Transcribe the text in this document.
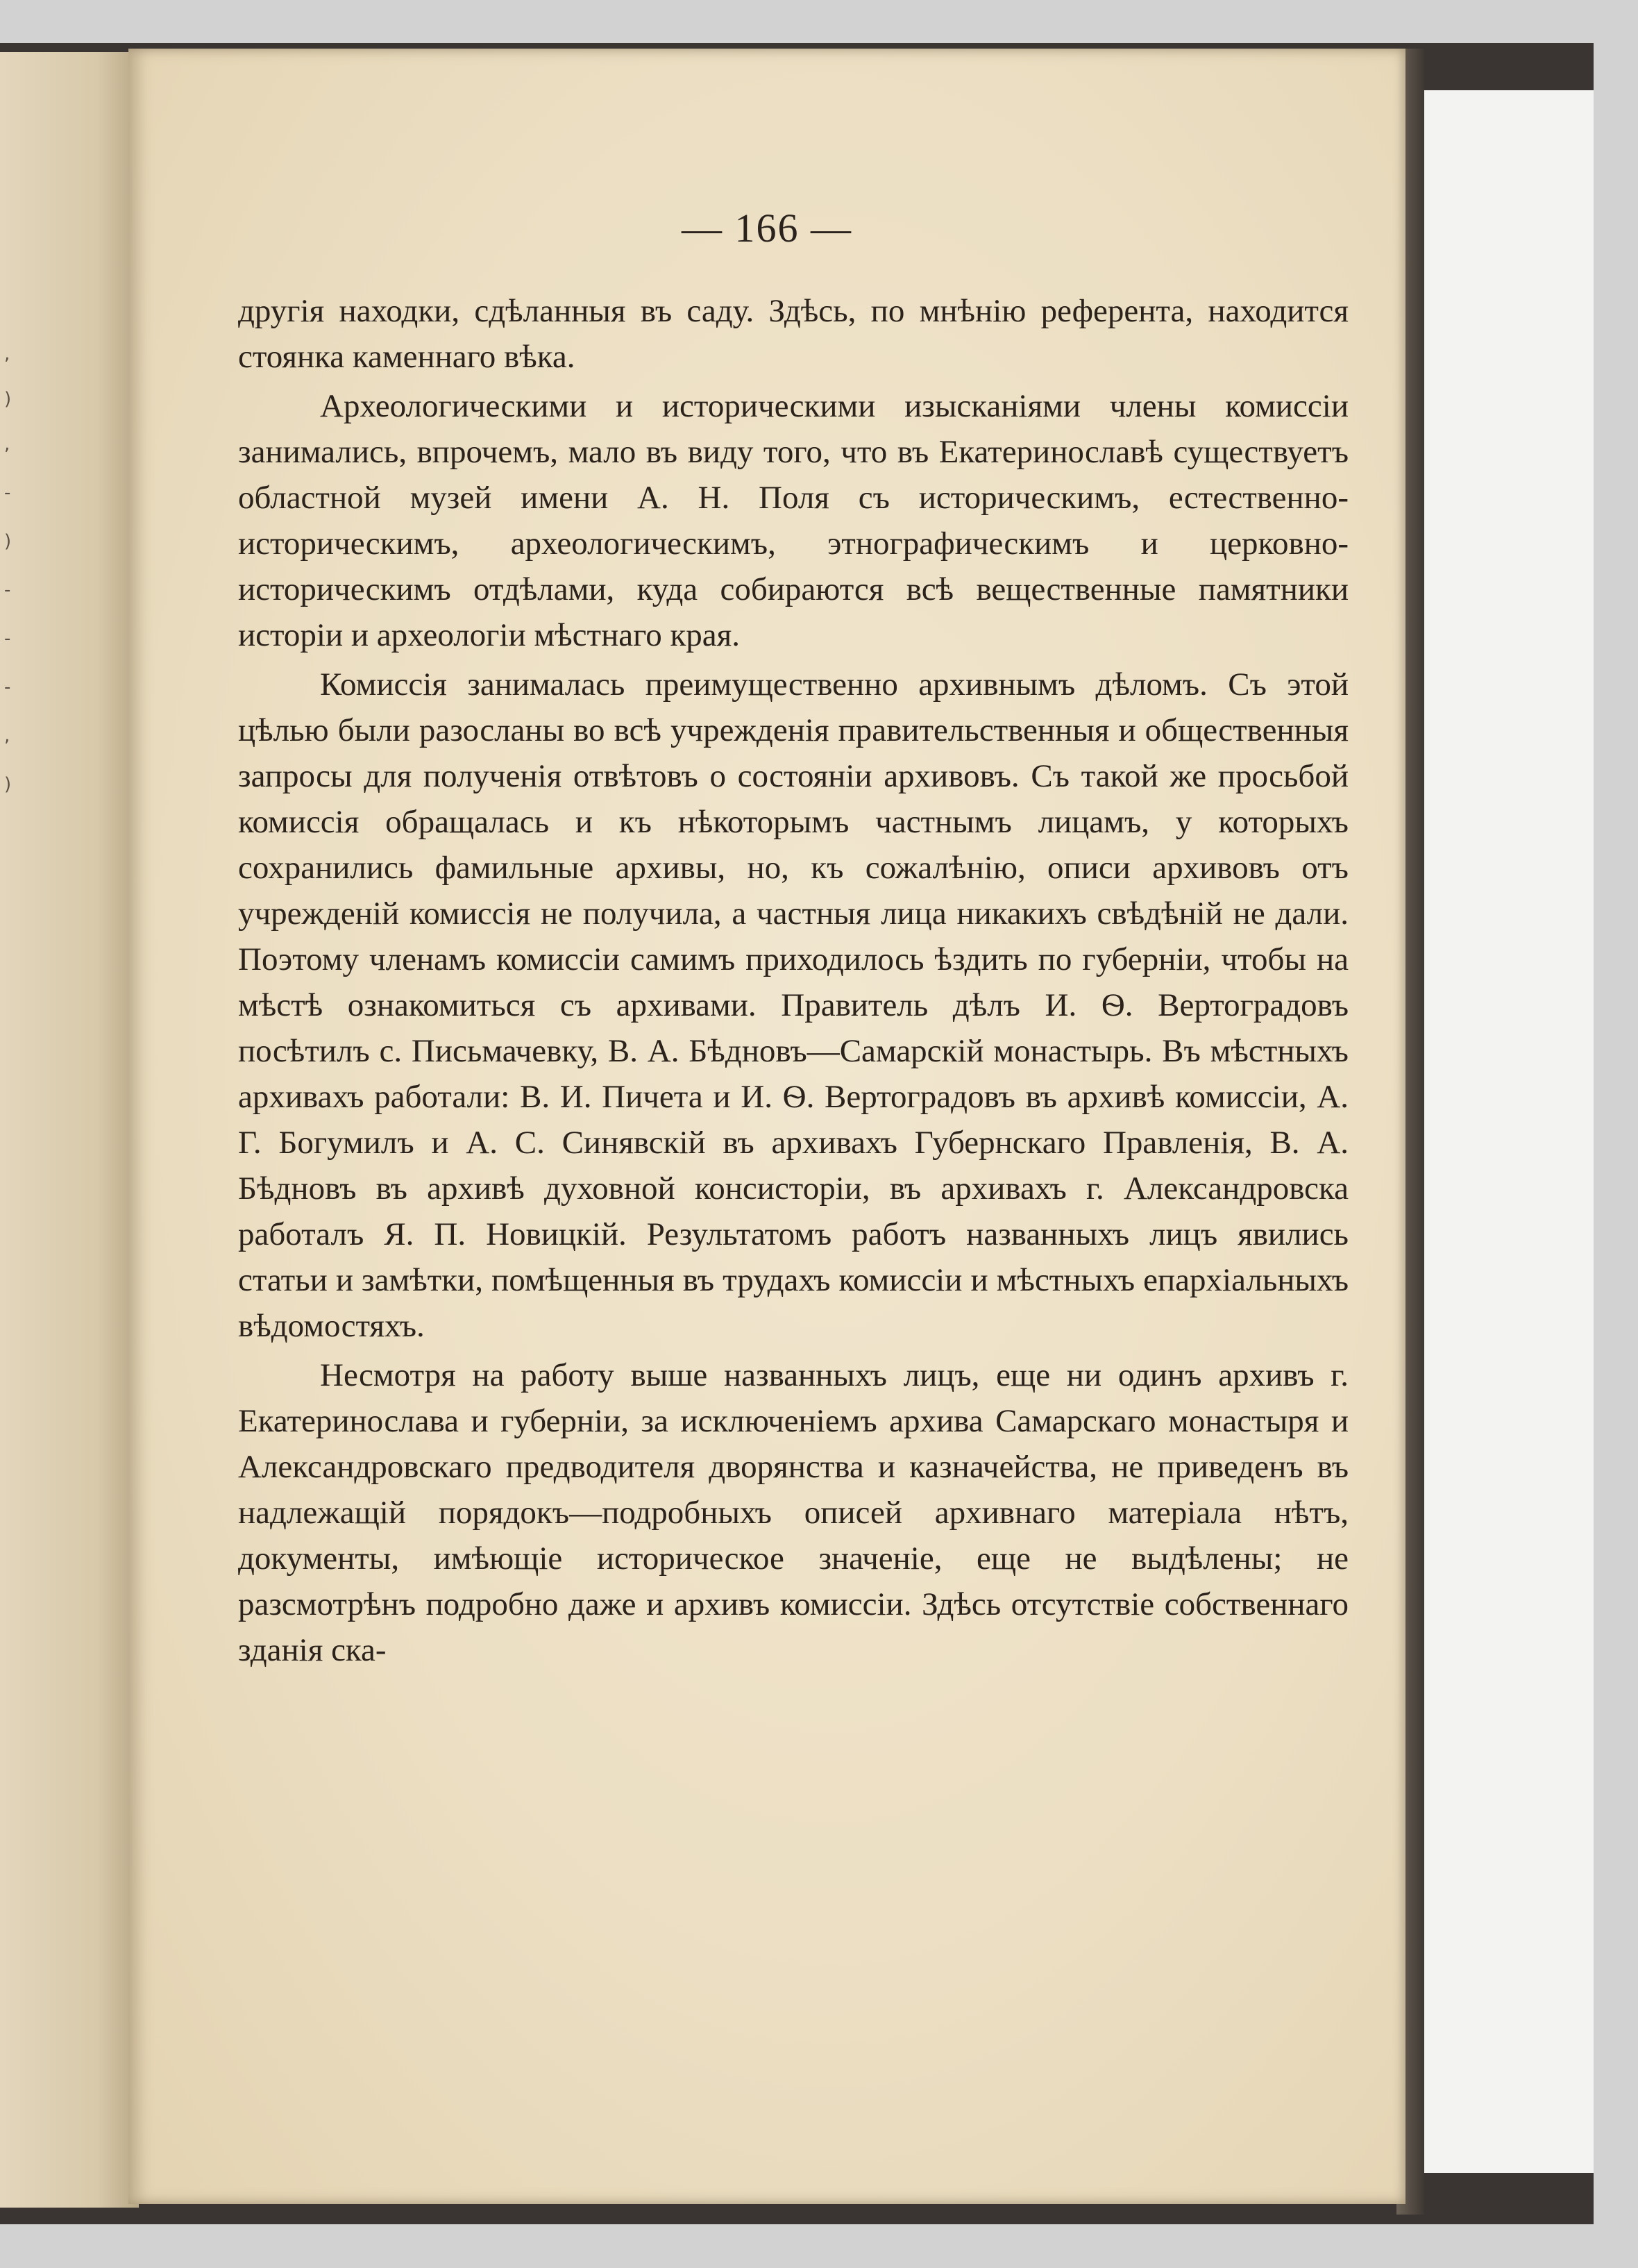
,
)
,
-
)
-
-
-
,
)
— 166 —

другія находки, сдѣланныя въ саду. Здѣсь, по мнѣнію референта, находится стоянка каменнаго вѣка.

Археологическими и историческими изысканіями члены комиссіи занимались, впрочемъ, мало въ виду того, что въ Екатеринославѣ существуетъ областной музей имени А. Н. Поля съ историческимъ, естественно-историческимъ, археологическимъ, этнографическимъ и церковно-историческимъ отдѣлами, куда собираются всѣ вещественные памятники исторіи и археологіи мѣстнаго края.

Комиссія занималась преимущественно архивнымъ дѣломъ. Съ этой цѣлью были разосланы во всѣ учрежденія правительственныя и общественныя запросы для полученія отвѣтовъ о состояніи архивовъ. Съ такой же просьбой комиссія обращалась и къ нѣкоторымъ частнымъ лицамъ, у которыхъ сохранились фамильные архивы, но, къ сожалѣнію, описи архивовъ отъ учрежденій комиссія не получила, а частныя лица никакихъ свѣдѣній не дали. Поэтому членамъ комиссіи самимъ приходилось ѣздить по губерніи, чтобы на мѣстѣ ознакомиться съ архивами. Правитель дѣлъ И. Ѳ. Вертоградовъ посѣтилъ с. Письмачевку, В. А. Бѣдновъ—Самарскій монастырь. Въ мѣстныхъ архивахъ работали: В. И. Пичета и И. Ѳ. Вертоградовъ въ архивѣ комиссіи, А. Г. Богумилъ и А. С. Синявскій въ архивахъ Губернскаго Правленія, В. А. Бѣдновъ въ архивѣ духовной консисторіи, въ архивахъ г. Александровска работалъ Я. П. Новицкій. Результатомъ работъ названныхъ лицъ явились статьи и замѣтки, помѣщенныя въ трудахъ комиссіи и мѣстныхъ епархіальныхъ вѣдомостяхъ.

Несмотря на работу выше названныхъ лицъ, еще ни одинъ архивъ г. Екатеринослава и губерніи, за исключеніемъ архива Самарскаго монастыря и Александровскаго предводителя дворянства и казначейства, не приведенъ въ надлежащій порядокъ—подробныхъ описей архивнаго матеріала нѣтъ, документы, имѣющіе историческое значеніе, еще не выдѣлены; не разсмотрѣнъ подробно даже и архивъ комиссіи. Здѣсь отсутствіе собственнаго зданія ска-
